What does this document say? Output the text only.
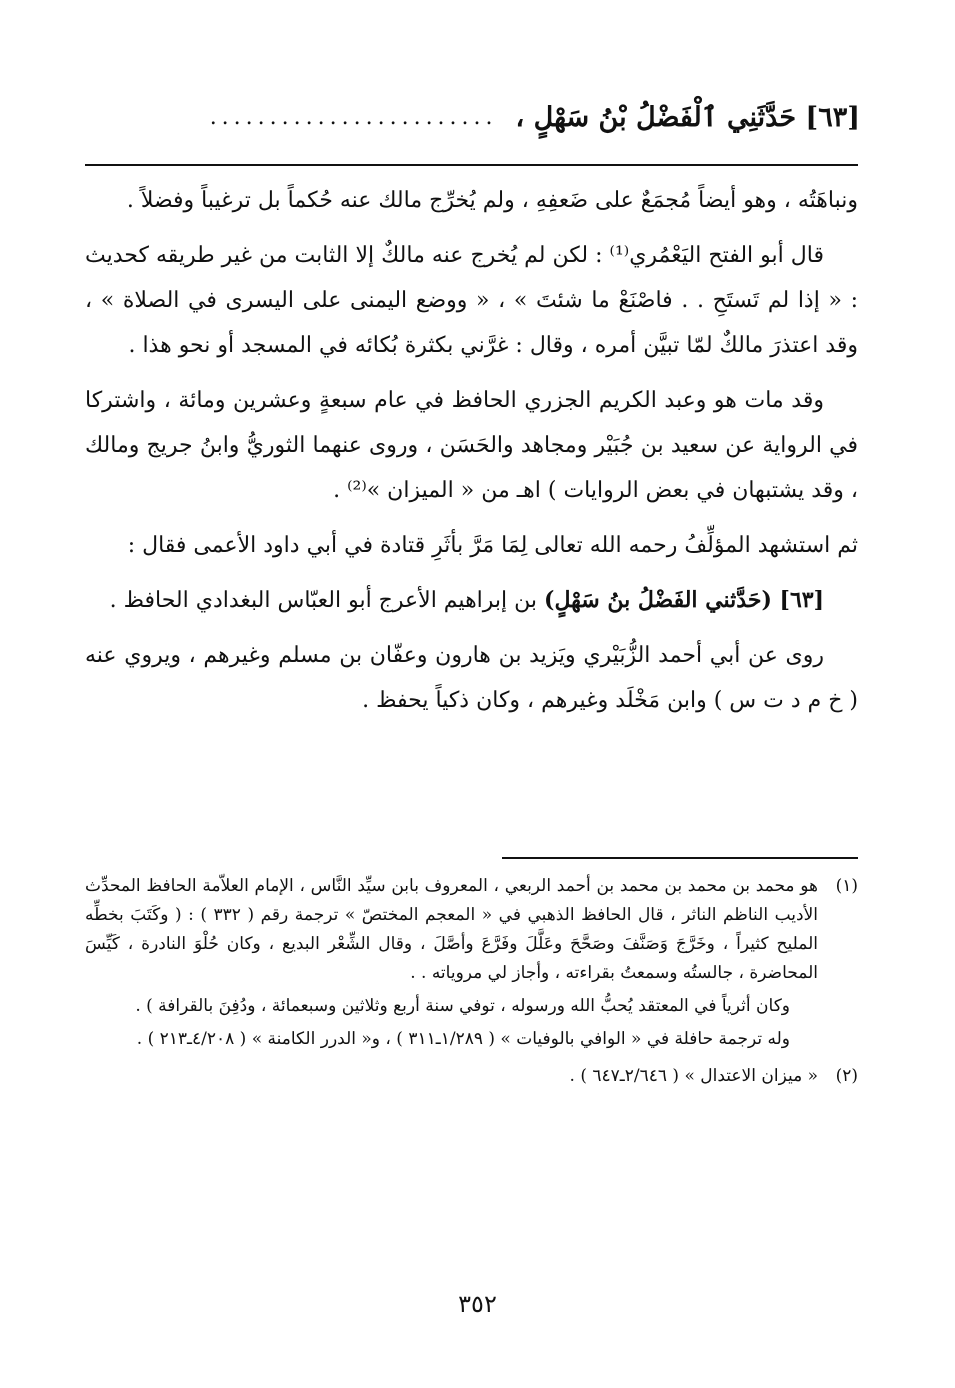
[٦٣] حَدَّثَنِي ٱلْفَضْلُ بْنُ سَهْلٍ ،
........................

ونباهَتُه ، وهو أيضاً مُجمَعٌ على ضَعفِهِ ، ولم يُخرِّج مالك عنه حُكماً بل ترغيباً وفضلاً .

قال أبو الفتح اليَعْمُري⁽¹⁾ : لكن لم يُخرج عنه مالكٌ إلا الثابت من غير طريقه كحديث : « إذا لم تَستَحِ . . فاصْنَعْ ما شئتَ » ، « ووضع اليمنى على اليسرى في الصلاة » ، وقد اعتذرَ مالكٌ لمّا تبيَّن أمره ، وقال : غرَّني بكثرة بُكائه في المسجد أو نحو هذا .

وقد مات هو وعبد الكريم الجزري الحافظ في عام سبعةٍ وعشرين ومائة ، واشتركا في الرواية عن سعيد بن جُبَيْر ومجاهد والحَسَن ، وروى عنهما الثوريُّ وابنُ جريج ومالك ، وقد يشتبهان في بعض الروايات ) اهـ من « الميزان »⁽²⁾ .

ثم استشهد المؤلِّفُ رحمه الله تعالى لِمَا مَرَّ بأثَرِ قتادة في أبي داود الأعمى فقال :

[٦٣] (حَدَّثني الفَضْلُ بنُ سَهْلٍ) بن إبراهيم الأعرج أبو العبّاس البغدادي الحافظ .

روى عن أبي أحمد الزُّبَيْري ويَزيد بن هارون وعفّان بن مسلم وغيرهم ، ويروي عنه ( خ م د ت س ) وابن مَخْلَد وغيرهم ، وكان ذكياً يحفظ .

(١)

هو محمد بن محمد بن محمد بن أحمد الربعي ، المعروف بابن سيِّد النَّاس ، الإمام العلاّمة الحافظ المحدِّث الأديب الناظم الناثر ، قال الحافظ الذهبي في « المعجم المختصّ » ترجمة رقم ( ٣٣٢ ) : ( وكَتَبَ بخطِّه المليح كثيراً ، وخَرَّجَ وَصَنَّفَ وصَحَّحَ وعَلَّلَ وفَرَّعَ وأصَّلَ ، وقال الشِّعْر البديع ، وكان حُلْوَ النادرة ، كَيِّسَ المحاضرة ، جالستُه وسمعتُ بقراءته ، وأجاز لي مروياته . .

وكان أثرياً في المعتقد يُحبُّ الله ورسوله ، توفي سنة أربع وثلاثين وسبعمائة ، ودُفِنَ بالقرافة ) .

وله ترجمة حافلة في « الوافي بالوفيات » ( ١/٢٨٩ـ٣١١ ) ، و« الدرر الكامنة » ( ٤/٢٠٨ـ٢١٣ ) .

(٢)

« ميزان الاعتدال » ( ٢/٦٤٦ـ٦٤٧ ) .

٣٥٢
